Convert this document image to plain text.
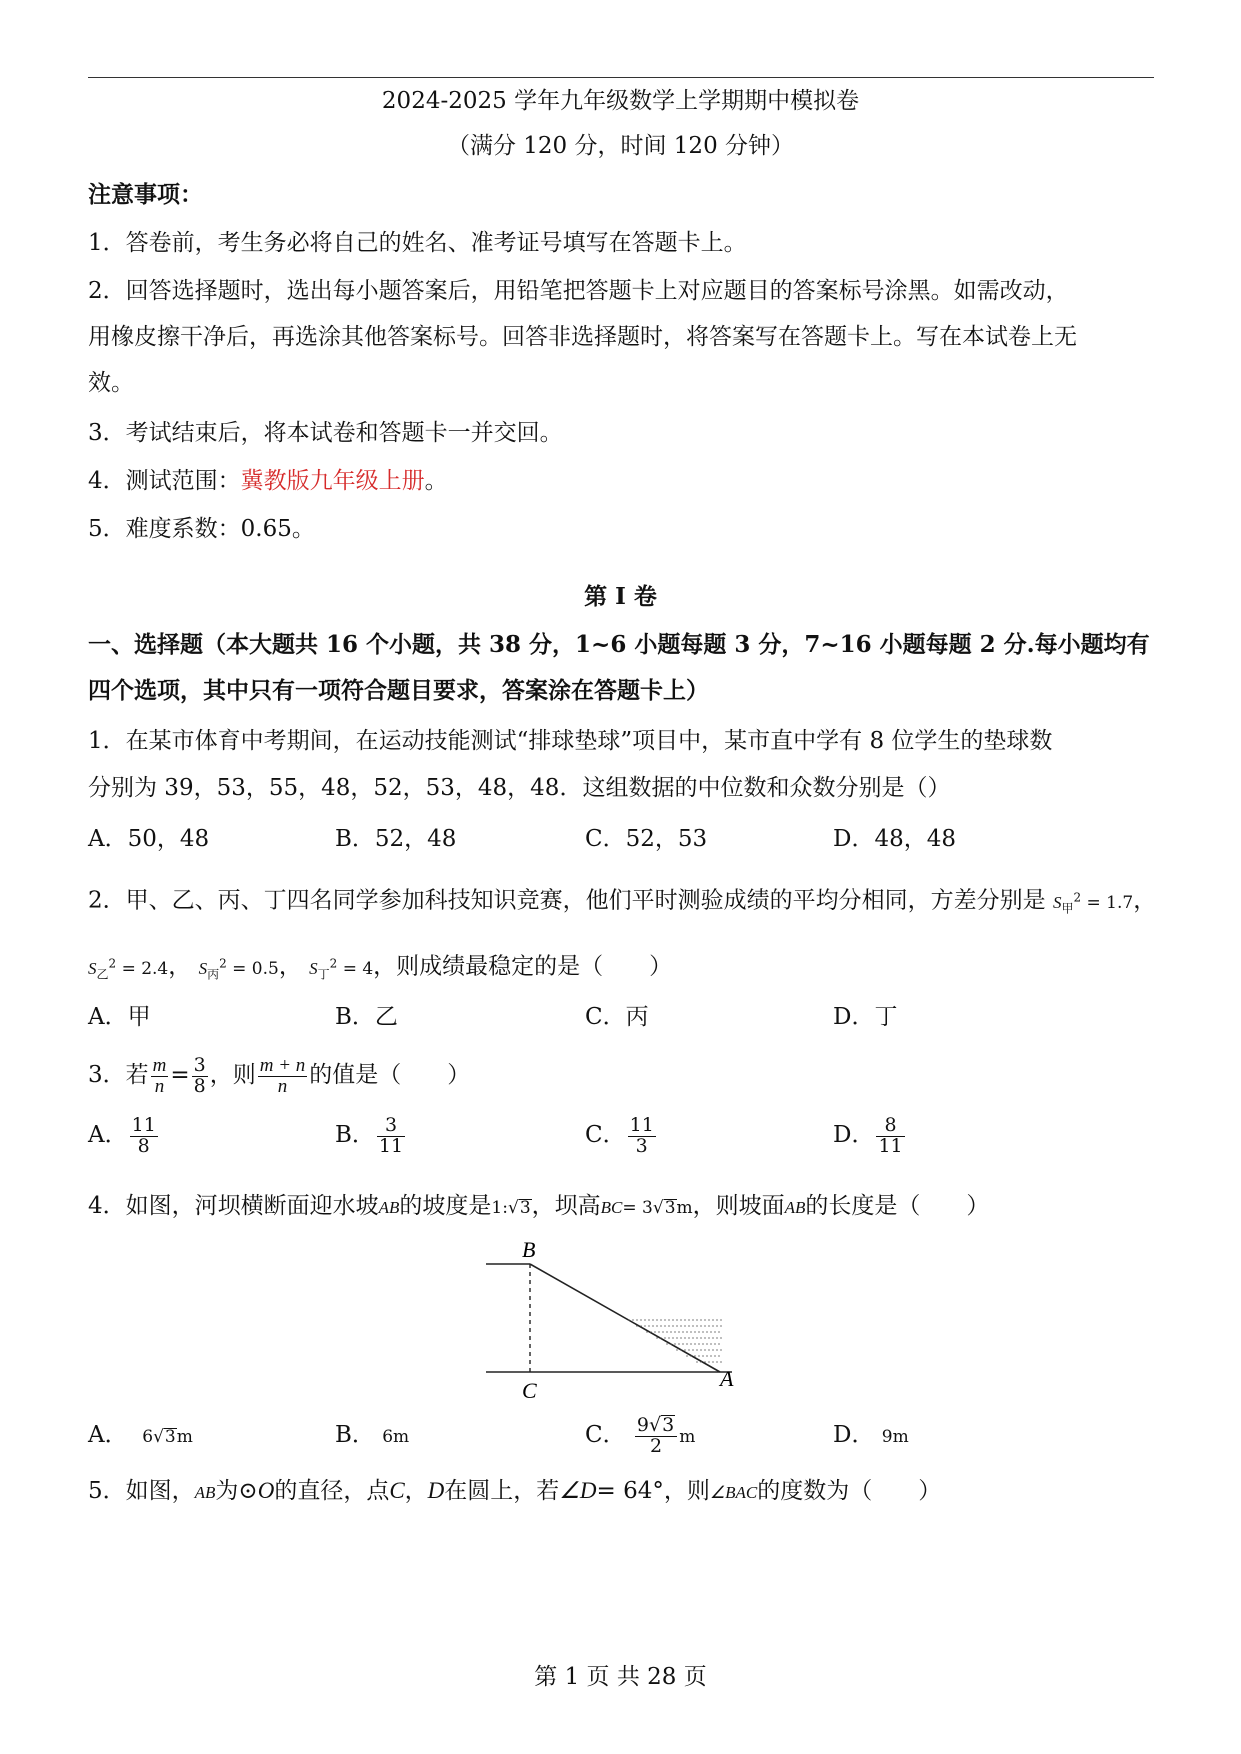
2024-2025 学年九年级数学上学期期中模拟卷
（满分 120 分，时间 120 分钟）
注意事项：
1．答卷前，考生务必将自己的姓名、准考证号填写在答题卡上。
2．回答选择题时，选出每小题答案后，用铅笔把答题卡上对应题目的答案标号涂黑。如需改动，
用橡皮擦干净后，再选涂其他答案标号。回答非选择题时，将答案写在答题卡上。写在本试卷上无
效。
3．考试结束后，将本试卷和答题卡一并交回。
4．测试范围：冀教版九年级上册。
5．难度系数：0.65。
第 I 卷
一、选择题（本大题共 16 个小题，共 38 分，1~6 小题每题 3 分，7~16 小题每题 2 分.每小题均有
四个选项，其中只有一项符合题目要求，答案涂在答题卡上）
1．在某市体育中考期间，在运动技能测试“排球垫球”项目中，某市直中学有 8 位学生的垫球数
分别为 39，53，55，48，52，53，48，48．这组数据的中位数和众数分别是（）
A．50，48	B．52，48	C．52，53	D．48，48
2．甲、乙、丙、丁四名同学参加科技知识竞赛，他们平时测验成绩的平均分相同，方差分别是 $S_甲^2 = 1.7$，
$S_乙^2 = 2.4$， $S_丙^2 = 0.5$， $S_丁^2 = 4$，则成绩最稳定的是（　　）
A．甲	B．乙	C．丙	D．丁
3．若 $\frac{m}{n} = \frac{3}{8}$ ，则 $\frac{m + n}{n}$ 的值是（　　）
A． $\frac{11}{8}$	B． $\frac{3}{11}$	C． $\frac{11}{3}$	D． $\frac{8}{11}$
4．如图，河坝横断面迎水坡AB的坡度是1:√3，坝高BC= 3√3m，则坡面AB的长度是（　　）
B
C	A
A． 6√3m	B． 6m	C． $\frac{9√3}{2}$ m	D． 9m
5．如图，AB为⊙O的直径，点C，D在圆上，若∠D= 64°，则∠BAC的度数为（　　）
第 1 页 共 28 页
